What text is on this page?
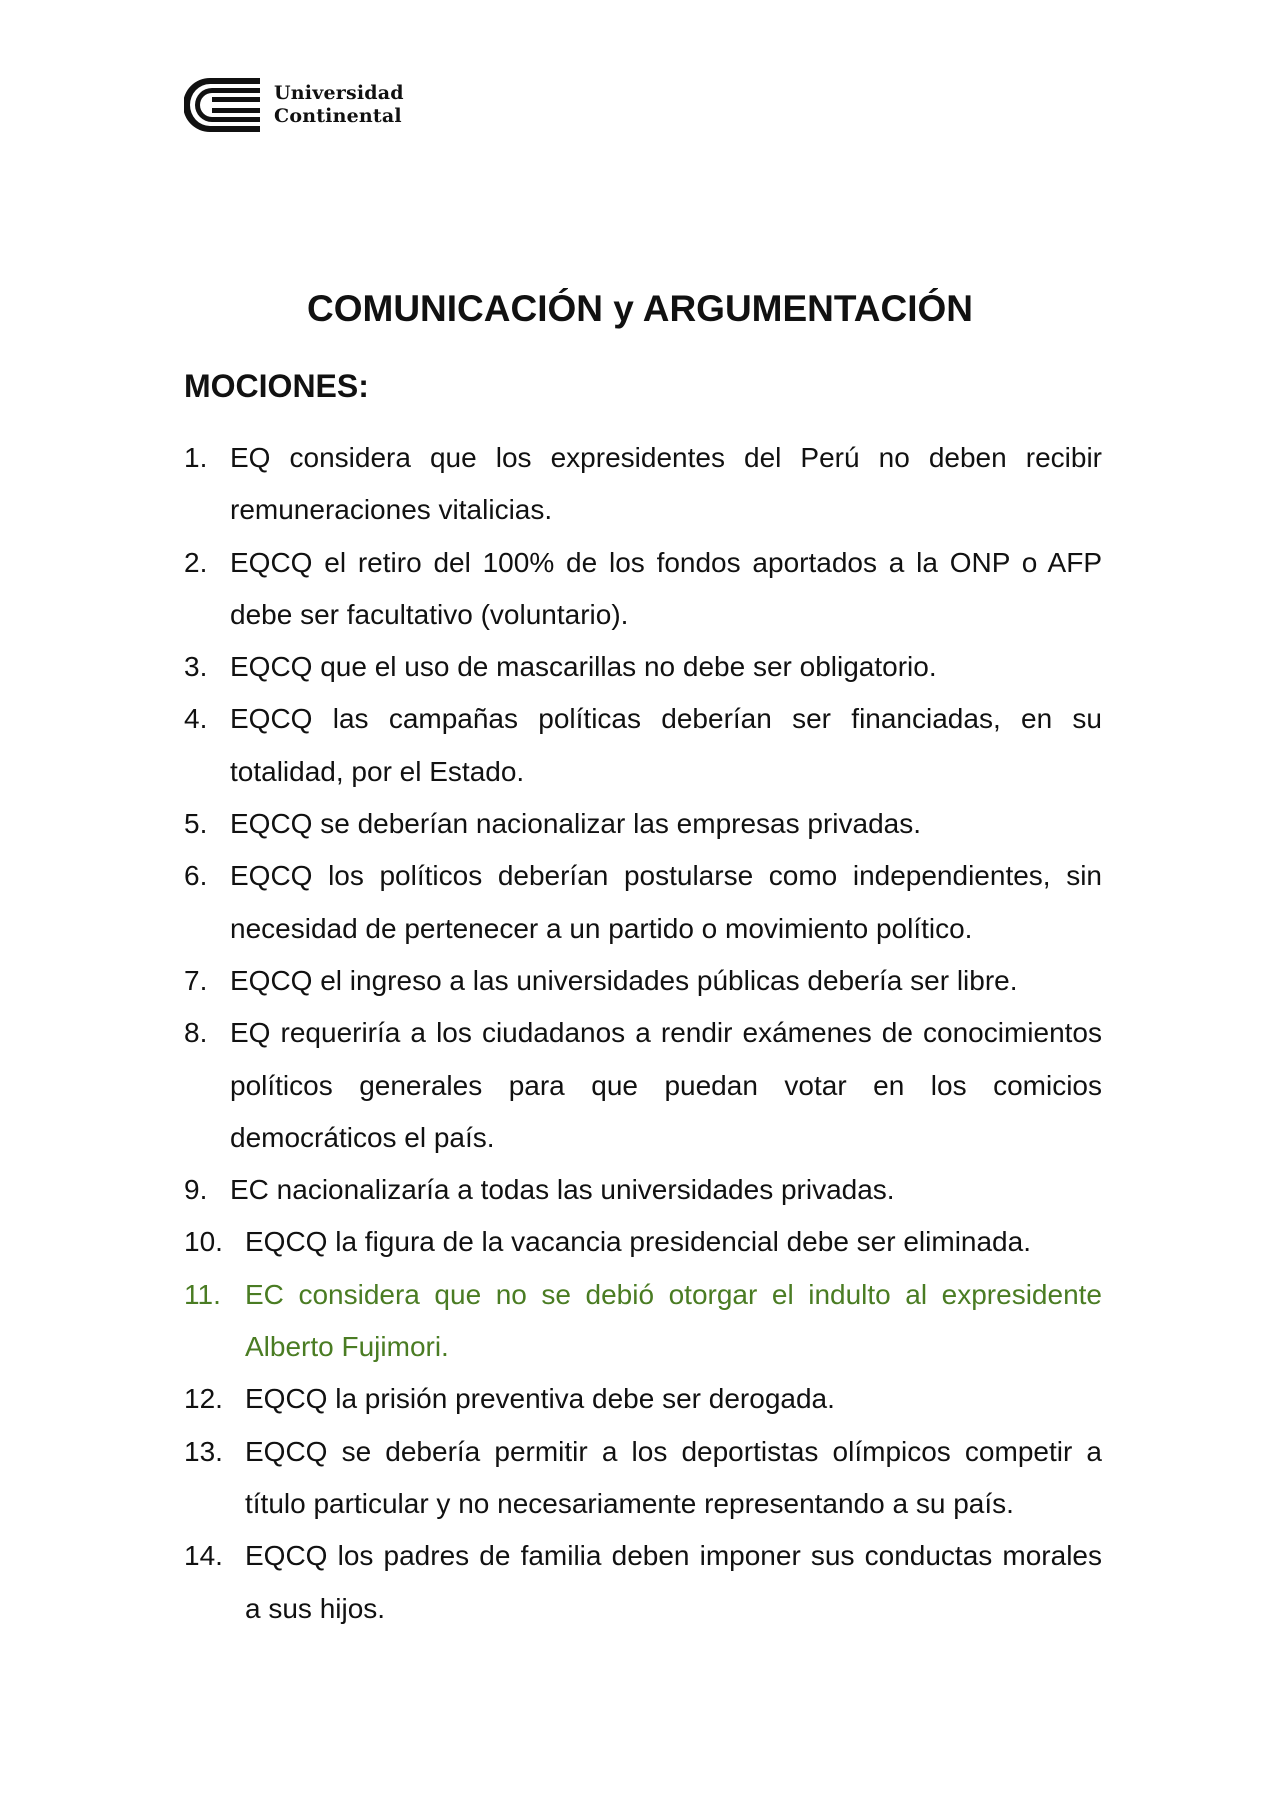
Universidad
Continental
COMUNICACIÓN y ARGUMENTACIÓN
MOCIONES:
1. EQ considera que los expresidentes del Perú no deben recibir remuneraciones vitalicias.
2. EQCQ el retiro del 100% de los fondos aportados a la ONP o AFP debe ser facultativo (voluntario).
3. EQCQ que el uso de mascarillas no debe ser obligatorio.
4. EQCQ las campañas políticas deberían ser financiadas, en su totalidad, por el Estado.
5. EQCQ se deberían nacionalizar las empresas privadas.
6. EQCQ los políticos deberían postularse como independientes, sin necesidad de pertenecer a un partido o movimiento político.
7. EQCQ el ingreso a las universidades públicas debería ser libre.
8. EQ requeriría a los ciudadanos a rendir exámenes de conocimientos políticos generales para que puedan votar en los comicios democráticos el país.
9. EC nacionalizaría a todas las universidades privadas.
10. EQCQ la figura de la vacancia presidencial debe ser eliminada.
11. EC considera que no se debió otorgar el indulto al expresidente Alberto Fujimori.
12. EQCQ la prisión preventiva debe ser derogada.
13. EQCQ se debería permitir a los deportistas olímpicos competir a título particular y no necesariamente representando a su país.
14. EQCQ los padres de familia deben imponer sus conductas morales a sus hijos.
